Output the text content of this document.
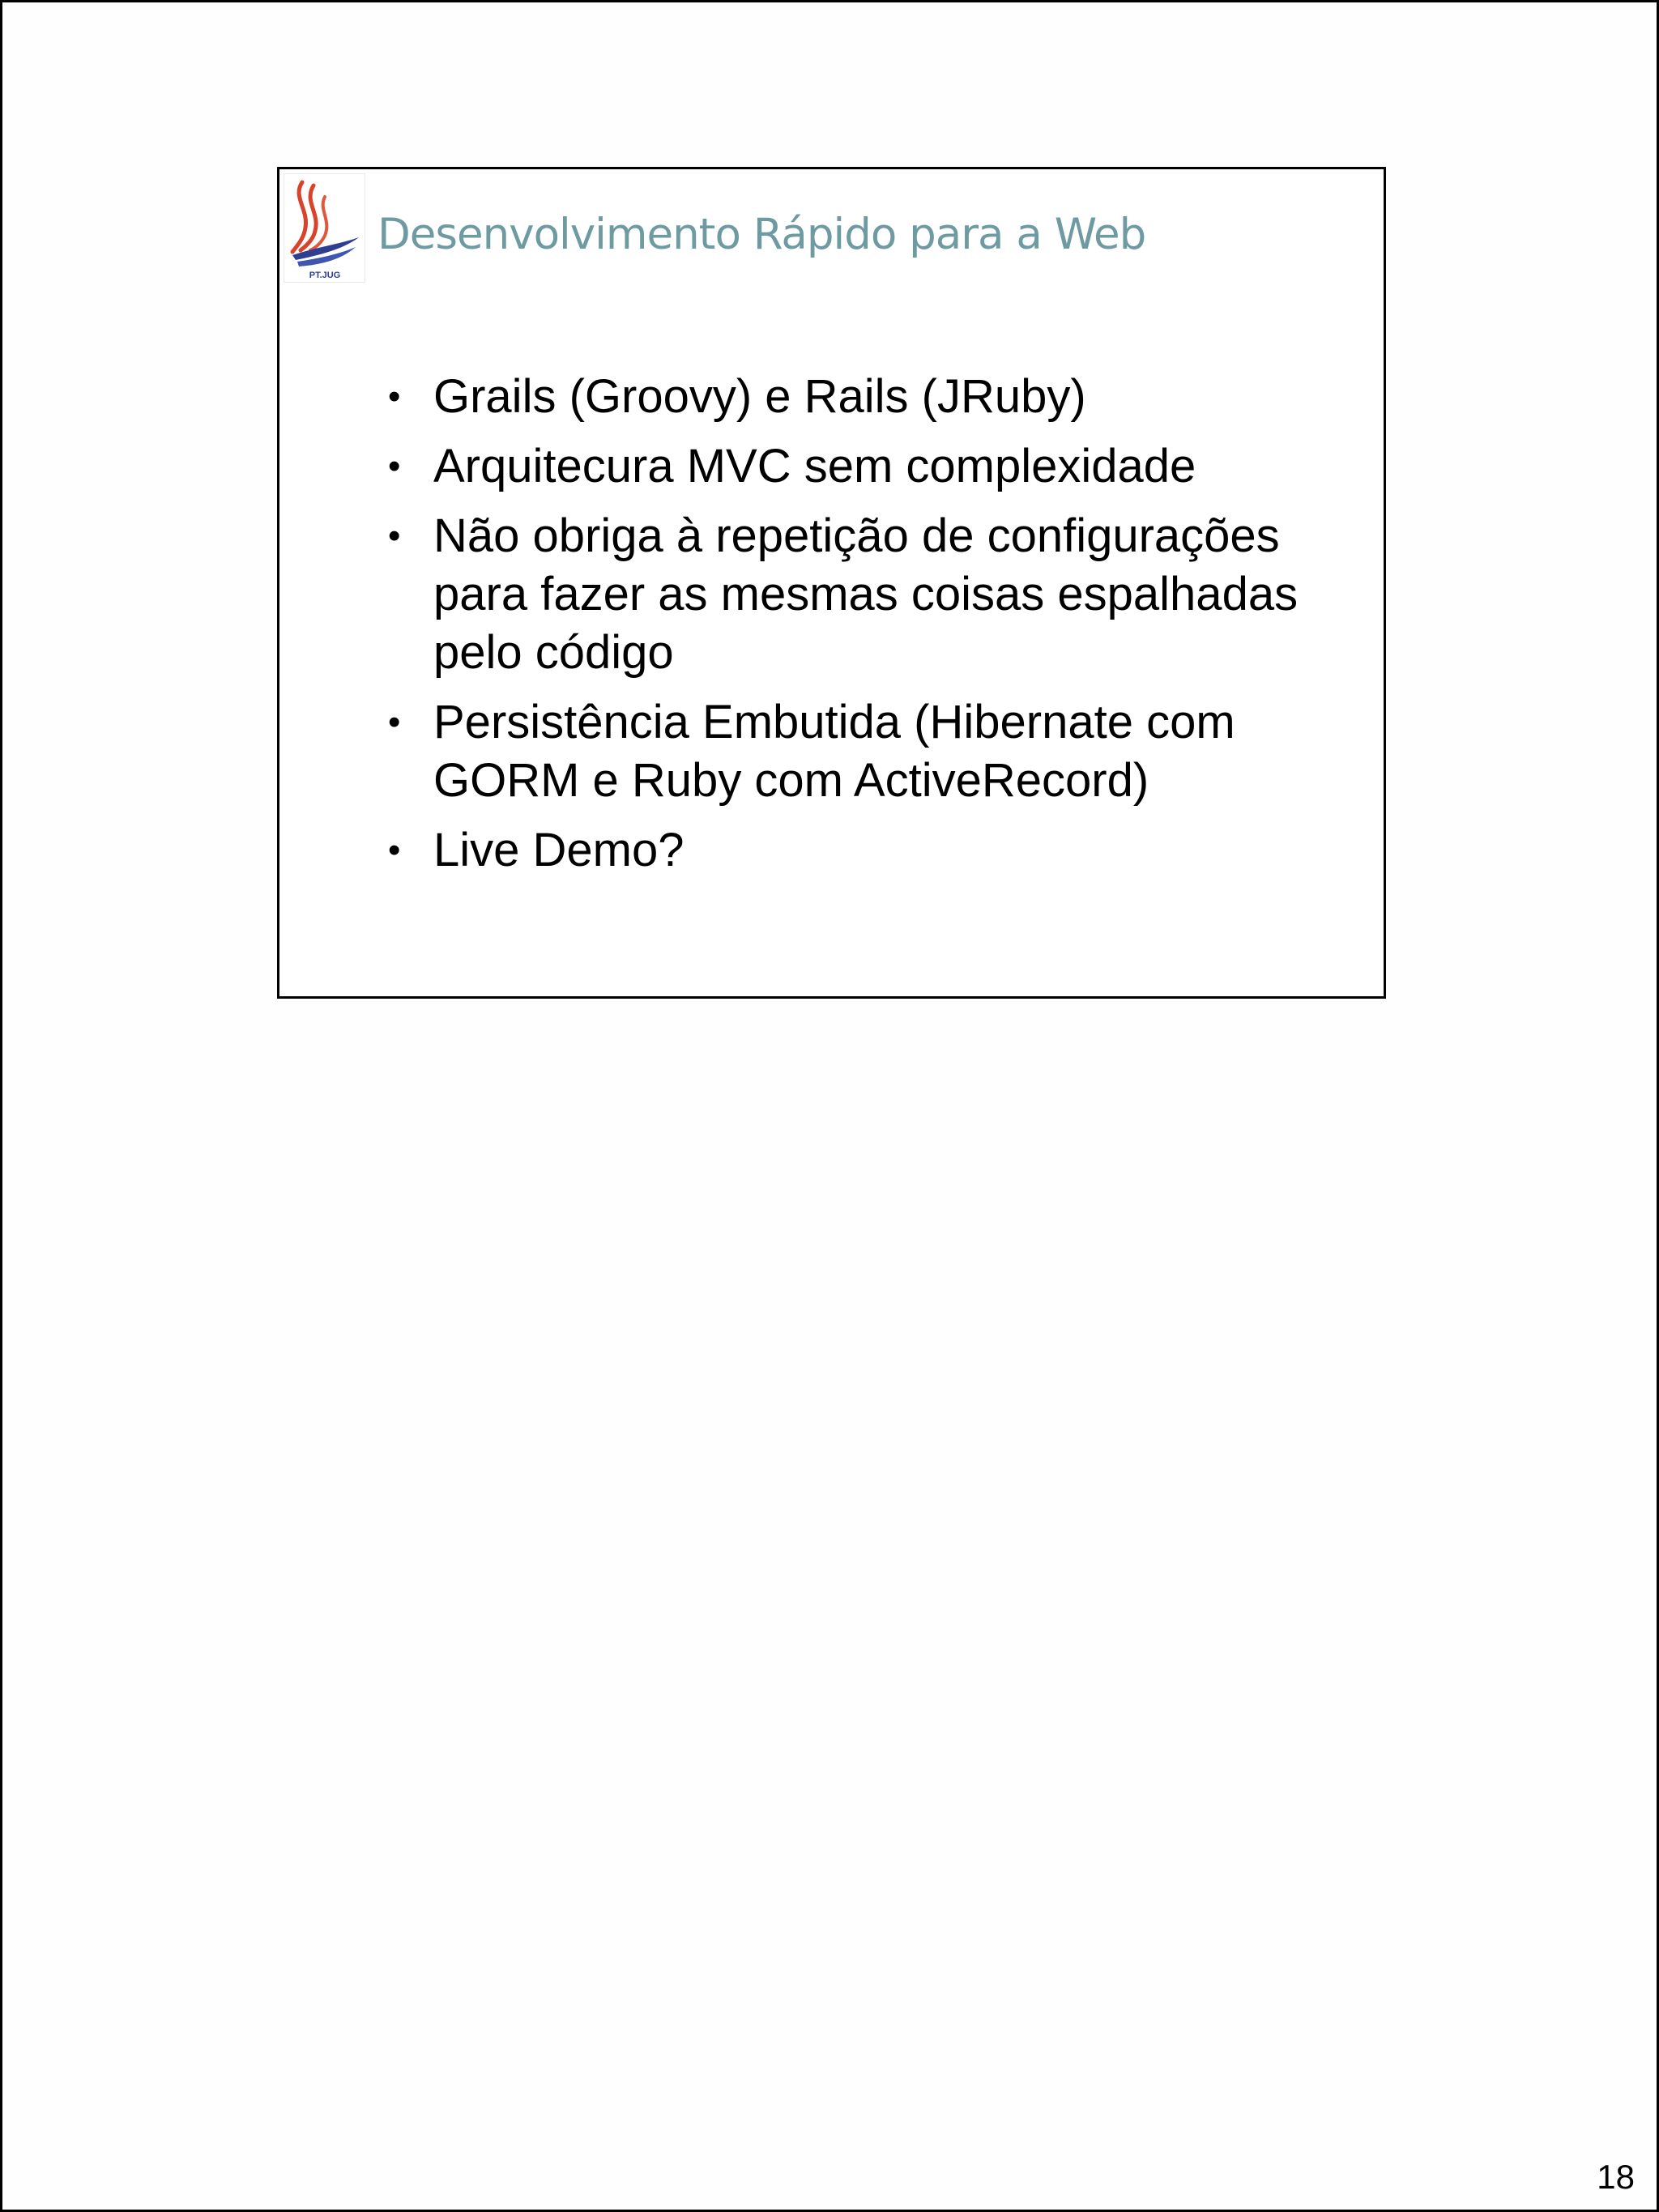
PT.JUG
Desenvolvimento Rápido para a Web
• Grails (Groovy) e Rails (JRuby)
• Arquitecura MVC sem complexidade
• Não obriga à repetição de configurações para fazer as mesmas coisas espalhadas pelo código
• Persistência Embutida (Hibernate com GORM e Ruby com ActiveRecord)
• Live Demo?
18
